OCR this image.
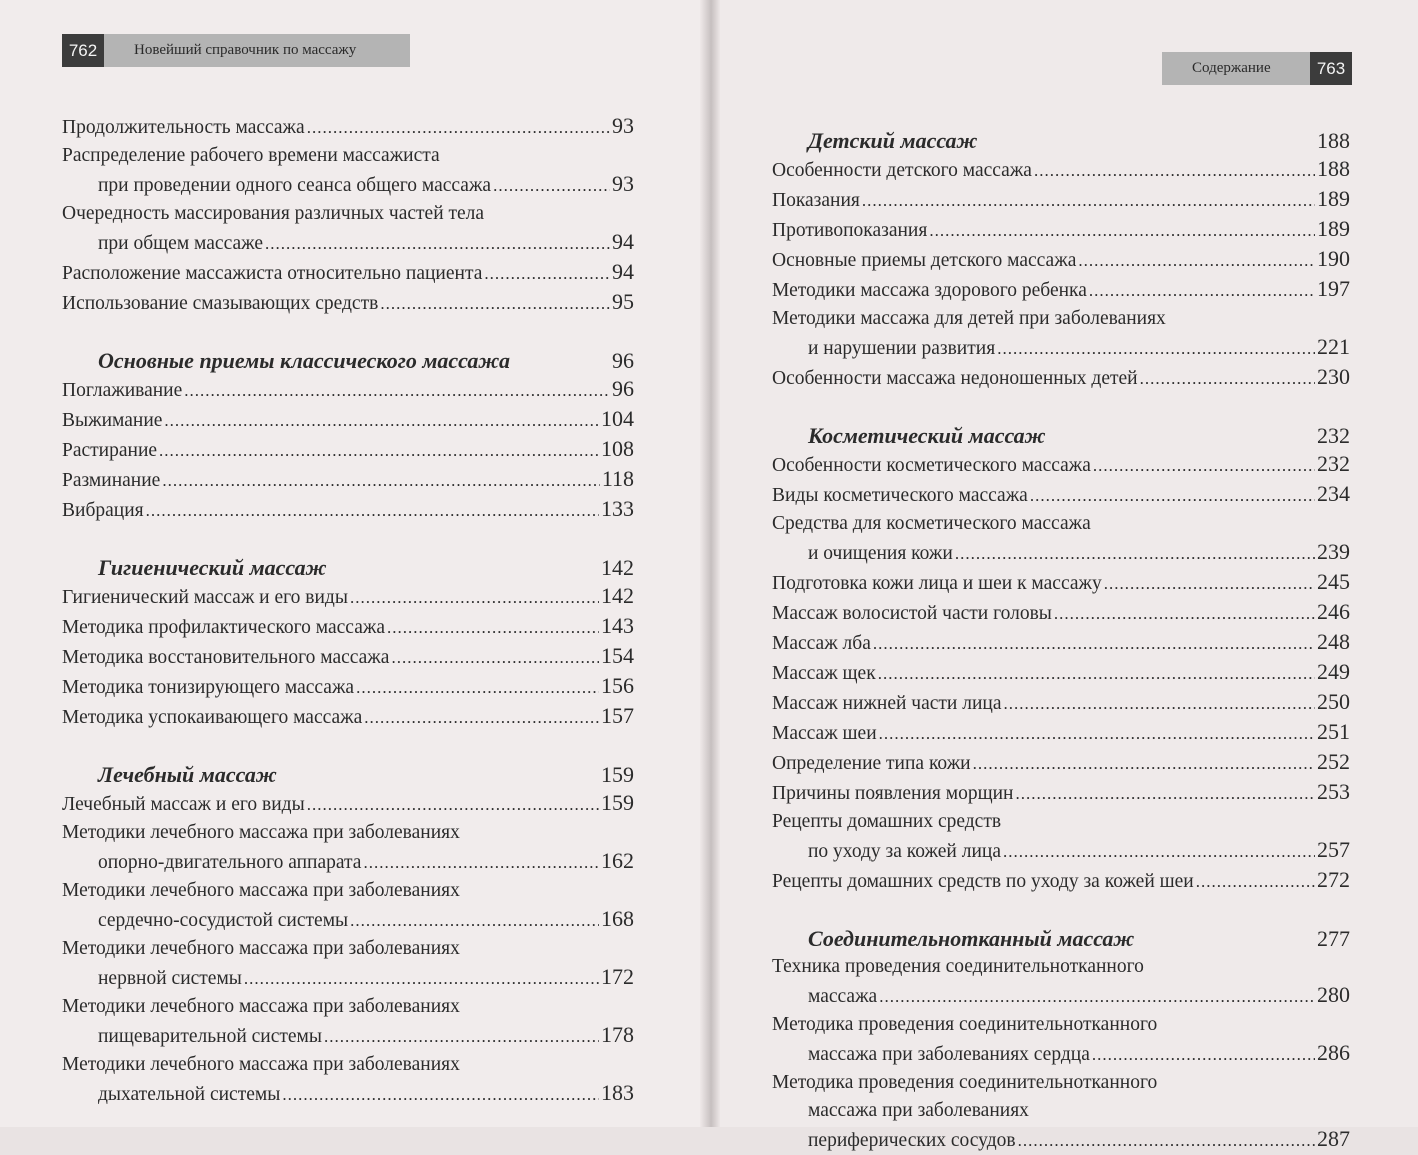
762	Новейший справочник по массажу
Содержание	763
Продолжительность массажа .....	93
Распределение рабочего времени массажиста
при проведении одного сеанса общего массажа .....	93
Очередность массирования различных частей тела
при общем массаже .....	94
Расположение массажиста относительно пациента .....	94
Использование смазывающих средств .....	95
Основные приемы классического массажа .....	96
Поглаживание .....	96
Выжимание .....	104
Растирание .....	108
Разминание .....	118
Вибрация .....	133
Гигиенический массаж .....	142
Гигиенический массаж и его виды .....	142
Методика профилактического массажа .....	143
Методика восстановительного массажа .....	154
Методика тонизирующего массажа .....	156
Методика успокаивающего массажа .....	157
Лечебный массаж .....	159
Лечебный массаж и его виды .....	159
Методики лечебного массажа при заболеваниях
опорно-двигательного аппарата .....	162
Методики лечебного массажа при заболеваниях
сердечно-сосудистой системы .....	168
Методики лечебного массажа при заболеваниях
нервной системы .....	172
Методики лечебного массажа при заболеваниях
пищеварительной системы .....	178
Методики лечебного массажа при заболеваниях
дыхательной системы .....	183
Детский массаж .....	188
Особенности детского массажа .....	188
Показания .....	189
Противопоказания .....	189
Основные приемы детского массажа .....	190
Методики массажа здорового ребенка .....	197
Методики массажа для детей при заболеваниях
и нарушении развития .....	221
Особенности массажа недоношенных детей .....	230
Косметический массаж .....	232
Особенности косметического массажа .....	232
Виды косметического массажа .....	234
Средства для косметического массажа
и очищения кожи .....	239
Подготовка кожи лица и шеи к массажу .....	245
Массаж волосистой части головы .....	246
Массаж лба .....	248
Массаж щек .....	249
Массаж нижней части лица .....	250
Массаж шеи .....	251
Определение типа кожи .....	252
Причины появления морщин .....	253
Рецепты домашних средств
по уходу за кожей лица .....	257
Рецепты домашних средств по уходу за кожей шеи .....	272
Соединительнотканный массаж .....	277
Техника проведения соединительнотканного
массажа .....	280
Методика проведения соединительнотканного
массажа при заболеваниях сердца .....	286
Методика проведения соединительнотканного
массажа при заболеваниях
периферических сосудов .....	287
